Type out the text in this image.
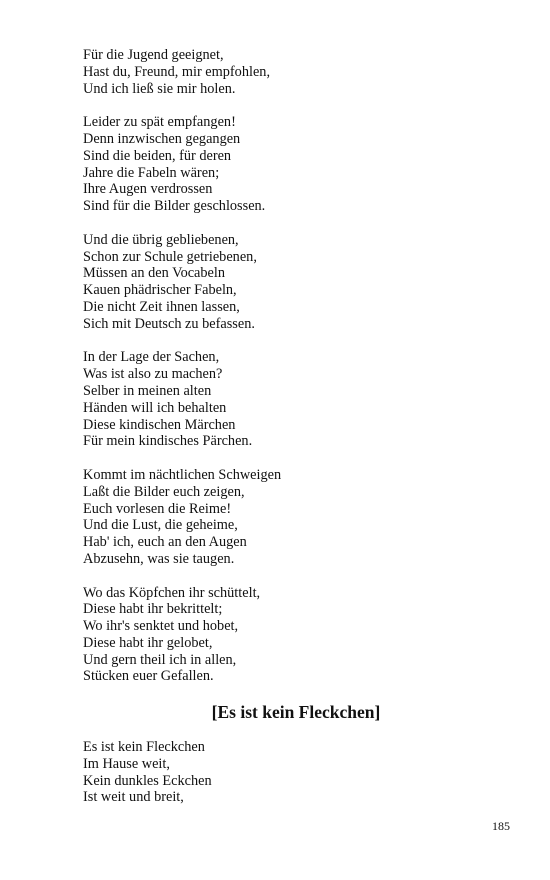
Für die Jugend geeignet,
Hast du, Freund, mir empfohlen,
Und ich ließ sie mir holen.
Leider zu spät empfangen!
Denn inzwischen gegangen
Sind die beiden, für deren
Jahre die Fabeln wären;
Ihre Augen verdrossen
Sind für die Bilder geschlossen.
Und die übrig gebliebenen,
Schon zur Schule getriebenen,
Müssen an den Vocabeln
Kauen phädrischer Fabeln,
Die nicht Zeit ihnen lassen,
Sich mit Deutsch zu befassen.
In der Lage der Sachen,
Was ist also zu machen?
Selber in meinen alten
Händen will ich behalten
Diese kindischen Märchen
Für mein kindisches Pärchen.
Kommt im nächtlichen Schweigen
Laßt die Bilder euch zeigen,
Euch vorlesen die Reime!
Und die Lust, die geheime,
Hab' ich, euch an den Augen
Abzusehn, was sie taugen.
Wo das Köpfchen ihr schüttelt,
Diese habt ihr bekrittelt;
Wo ihr's senktet und hobet,
Diese habt ihr gelobet,
Und gern theil ich in allen,
Stücken euer Gefallen.
[Es ist kein Fleckchen]
Es ist kein Fleckchen
Im Hause weit,
Kein dunkles Eckchen
Ist weit und breit,
185
